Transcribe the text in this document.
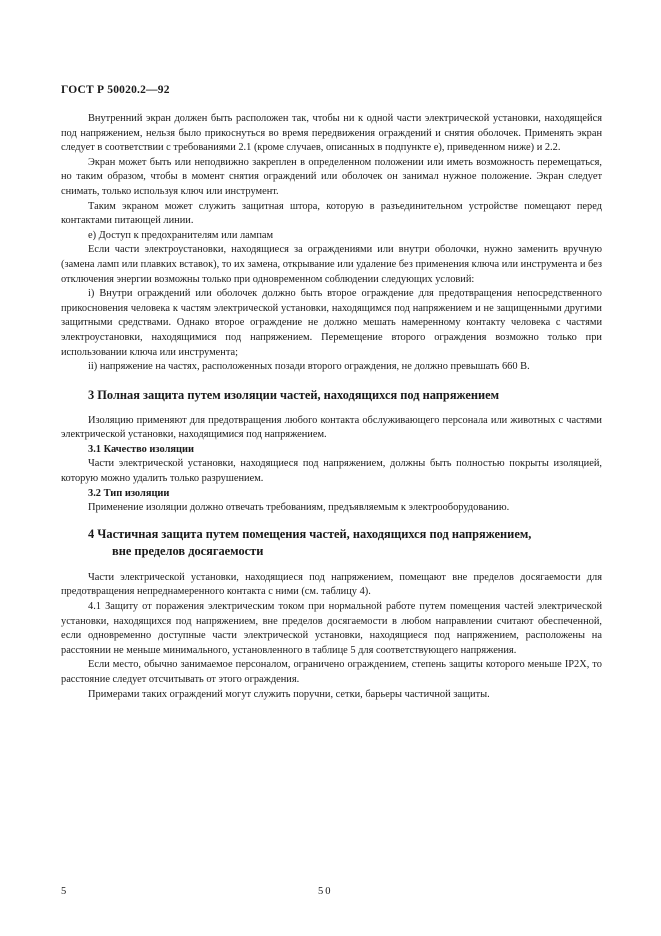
ГОСТ Р 50020.2—92

Внутренний экран должен быть расположен так, чтобы ни к одной части электрической установки, находящейся под напряжением, нельзя было прикоснуться во время передвижения ограждений и снятия оболочек. Применять экран следует в соответствии с требованиями 2.1 (кроме случаев, описанных в подпункте е), приведенном ниже) и 2.2.

Экран может быть или неподвижно закреплен в определенном положении или иметь возможность перемещаться, но таким образом, чтобы в момент снятия ограждений или оболочек он занимал нужное положение. Экран следует снимать, только используя ключ или инструмент.

Таким экраном может служить защитная штора, которую в разъединительном устройстве помещают перед контактами питающей линии.

е) Доступ к предохранителям или лампам

Если части электроустановки, находящиеся за ограждениями или внутри оболочки, нужно заменить вручную (замена ламп или плавких вставок), то их замена, открывание или удаление без применения ключа или инструмента и без отключения энергии возможны только при одновременном соблюдении следующих условий:

i) Внутри ограждений или оболочек должно быть второе ограждение для предотвращения непосредственного прикосновения человека к частям электрической установки, находящимся под напряжением и не защищенными другими защитными средствами. Однако второе ограждение не должно мешать намеренному контакту человека с частями электроустановки, находящимися под напряжением. Перемещение второго ограждения возможно только при использовании ключа или инструмента;

ii) напряжение на частях, расположенных позади второго ограждения, не должно превышать 660 В.

3 Полная защита путем изоляции частей, находящихся под напряжением

Изоляцию применяют для предотвращения любого контакта обслуживающего персонала или животных с частями электрической установки, находящимися под напряжением.

3.1 Качество изоляции

Части электрической установки, находящиеся под напряжением, должны быть полностью покрыты изоляцией, которую можно удалить только разрушением.

3.2 Тип изоляции

Применение изоляции должно отвечать требованиям, предъявляемым к электрооборудованию.

4 Частичная защита путем помещения частей, находящихся под напряжением,
вне пределов досягаемости

Части электрической установки, находящиеся под напряжением, помещают вне пределов досягаемости для предотвращения непреднамеренного контакта с ними (см. таблицу 4).

4.1 Защиту от поражения электрическим током при нормальной работе путем помещения частей электрической установки, находящихся под напряжением, вне пределов досягаемости в любом направлении считают обеспеченной, если одновременно доступные части электрической установки, находящиеся под напряжением, расположены на расстоянии не меньше минимального, установленного в таблице 5 для соответствующего напряжения.

Если место, обычно занимаемое персоналом, ограничено ограждением, степень защиты которого меньше IP2X, то расстояние следует отсчитывать от этого ограждения.

Примерами таких ограждений могут служить поручни, сетки, барьеры частичной защиты.

5	50
